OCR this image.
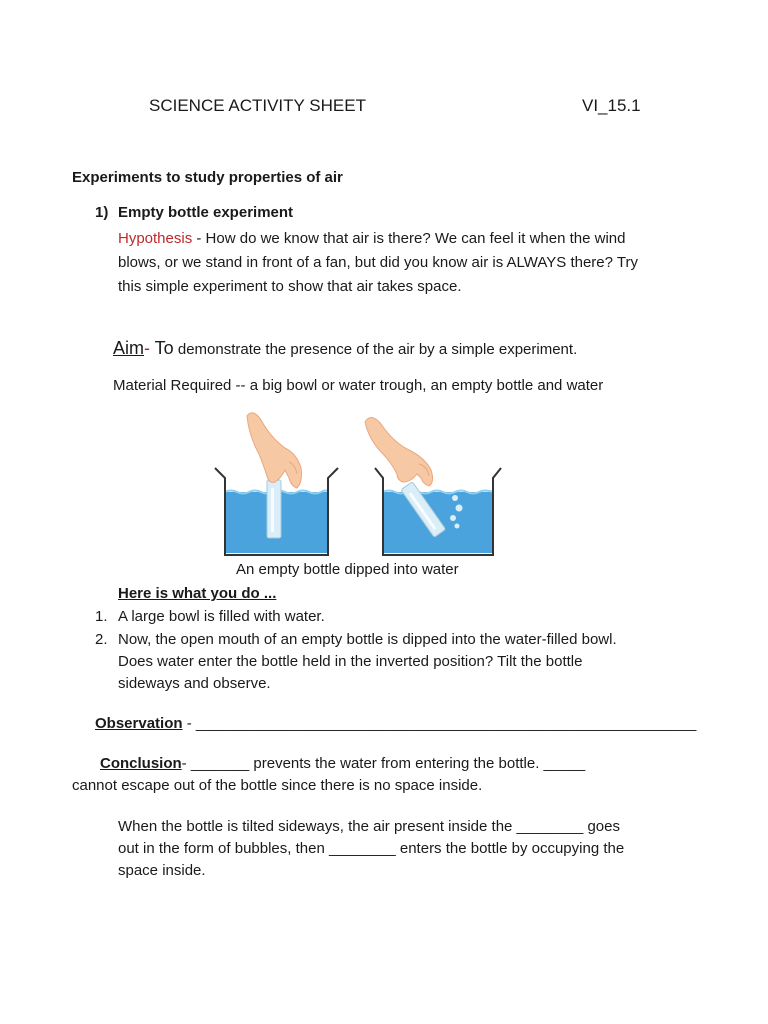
SCIENCE ACTIVITY SHEET	VI_15.1
Experiments to study properties of air
1) Empty bottle experiment
Hypothesis - How do we know that air is there? We can feel it when the wind
blows, or we stand in front of a fan, but did you know air is ALWAYS there? Try
this simple experiment to show that air takes space.
Aim- To demonstrate the presence of the air by a simple experiment.
Material Required -- a big bowl or water trough, an empty bottle and water
An empty bottle dipped into water
Here is what you do ...
1. A large bowl is filled with water.
2. Now, the open mouth of an empty bottle is dipped into the water-filled bowl.
Does water enter the bottle held in the inverted position? Tilt the bottle
sideways and observe.
Observation - ____________________________________________________________
Conclusion- _______ prevents the water from entering the bottle. _____
cannot escape out of the bottle since there is no space inside.
When the bottle is tilted sideways, the air present inside the ________ goes
out in the form of bubbles, then ________ enters the bottle by occupying the
space inside.
